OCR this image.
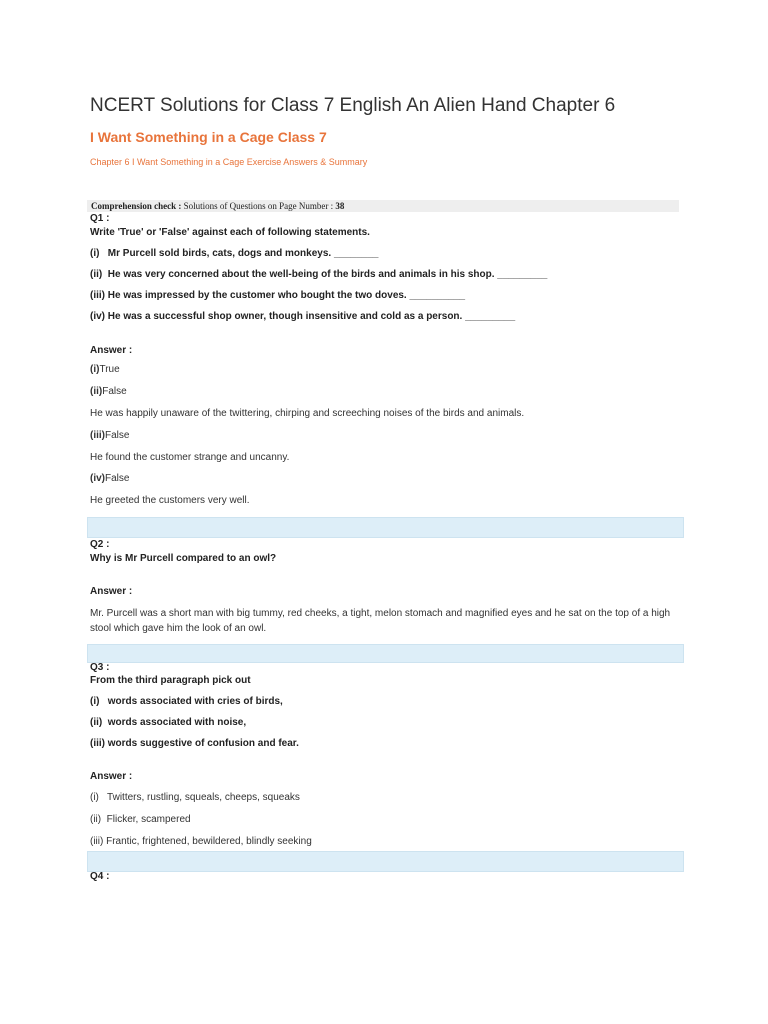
NCERT Solutions for Class 7 English An Alien Hand Chapter 6
I Want Something in a Cage Class 7
Chapter 6 I Want Something in a Cage Exercise Answers & Summary
Comprehension check : Solutions of Questions on Page Number : 38
Q1 :
Write 'True' or 'False' against each of following statements.
(i)   Mr Purcell sold birds, cats, dogs and monkeys. ________
(ii)  He was very concerned about the well-being of the birds and animals in his shop. _________
(iii) He was impressed by the customer who bought the two doves. __________
(iv) He was a successful shop owner, though insensitive and cold as a person. _________
Answer :
(i)True
(ii)False
He was happily unaware of the twittering, chirping and screeching noises of the birds and animals.
(iii)False
He found the customer strange and uncanny.
(iv)False
He greeted the customers very well.
Q2 :
Why is Mr Purcell compared to an owl?
Answer :
Mr. Purcell was a short man with big tummy, red cheeks, a tight, melon stomach and magnified eyes and he sat on the top of a high stool which gave him the look of an owl.
Q3 :
From the third paragraph pick out
(i)   words associated with cries of birds,
(ii)  words associated with noise,
(iii) words suggestive of confusion and fear.
Answer :
(i)   Twitters, rustling, squeals, cheeps, squeaks
(ii)  Flicker, scampered
(iii) Frantic, frightened, bewildered, blindly seeking
Q4 :
